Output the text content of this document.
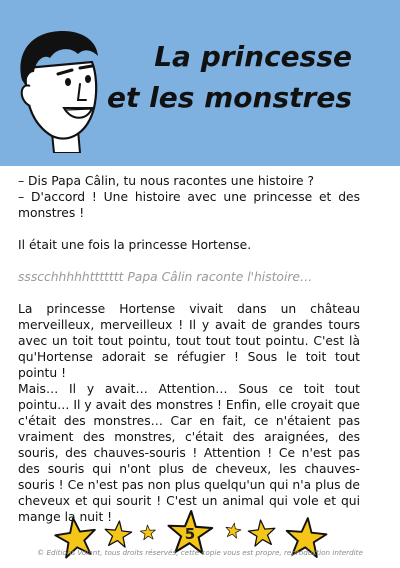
La princesse
et les monstres

– Dis Papa Câlin, tu nous racontes une histoire ?

– D'accord ! Une histoire avec une princesse et des monstres !

Il était une fois la princesse Hortense.

ssscchhhhhttttttt Papa Câlin raconte l'histoire…

La princesse Hortense vivait dans un château merveilleux, merveilleux ! Il y avait de grandes tours avec un toit tout pointu, tout tout tout pointu. C'est là qu'Hortense adorait se réfugier ! Sous le toit tout pointu !

Mais… Il y avait… Attention… Sous ce toit tout pointu… Il y avait des monstres ! Enfin, elle croyait que c'était des monstres… Car en fait, ce n'étaient pas vraiment des monstres, c'était des araignées, des souris, des chauves-souris ! Attention ! Ce n'est pas des souris qui n'ont plus de cheveux, les chauves-souris ! Ce n'est pas non plus quelqu'un qui n'a plus de cheveux et qui sourit ! C'est un animal qui vole et qui mange la nuit !

5
© Editions Volant, tous droits réservés, cette copie vous est propre, reproduction interdite
